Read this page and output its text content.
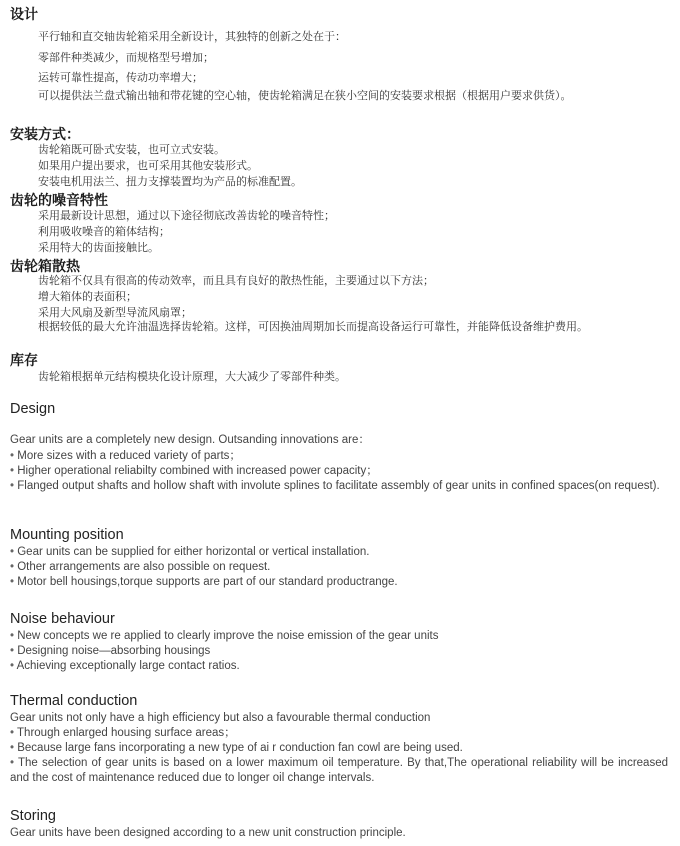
设计
平行轴和直交轴齿轮箱采用全新设计，其独特的创新之处在于：
零部件种类减少，而规格型号增加；
运转可靠性提高，传动功率增大；
可以提供法兰盘式输出轴和带花键的空心轴，使齿轮箱满足在狭小空间的安装要求根据（根据用户要求供货）。
安装方式：
齿轮箱既可卧式安装，也可立式安装。
如果用户提出要求，也可采用其他安装形式。
安装电机用法兰、扭力支撑装置均为产品的标准配置。
齿轮的噪音特性
采用最新设计思想，通过以下途径彻底改善齿轮的噪音特性；
利用吸收噪音的箱体结构；
采用特大的齿面接触比。
齿轮箱散热
齿轮箱不仅具有很高的传动效率，而且具有良好的散热性能，主要通过以下方法；
增大箱体的表面积；
采用大风扇及新型导流风扇罩；
根据较低的最大允许油温选择齿轮箱。这样，可因换油周期加长而提高设备运行可靠性，并能降低设备维护费用。
库存
齿轮箱根据单元结构模块化设计原理，大大减少了零部件种类。
Design
Gear units are a completely new design. Outsanding innovations are：
• More sizes with a reduced variety of parts；
• Higher operational reliabilty combined with increased power capacity；
• Flanged output shafts and hollow shaft with involute splines to facilitate assembly of gear units in confined spaces(on request).
Mounting position
• Gear units can be supplied for either horizontal or vertical installation.
• Other arrangements are also possible on request.
• Motor bell housings,torque supports are part of our standard productrange.
Noise behaviour
• New concepts we re applied to clearly improve the noise emission of the gear units
• Designing noise—absorbing housings
• Achieving exceptionally large contact ratios.
Thermal conduction
Gear units not only have a high efficiency but also a favourable thermal conduction
• Through enlarged housing surface areas；
• Because large fans incorporating a new type of ai r conduction fan cowl are being used.
• The selection of gear units is based on a lower maximum oil temperature. By that,The operational reliability will be increased and the cost of maintenance reduced due to longer oil change intervals.
Storing
Gear units have been designed according to a new unit construction principle.
